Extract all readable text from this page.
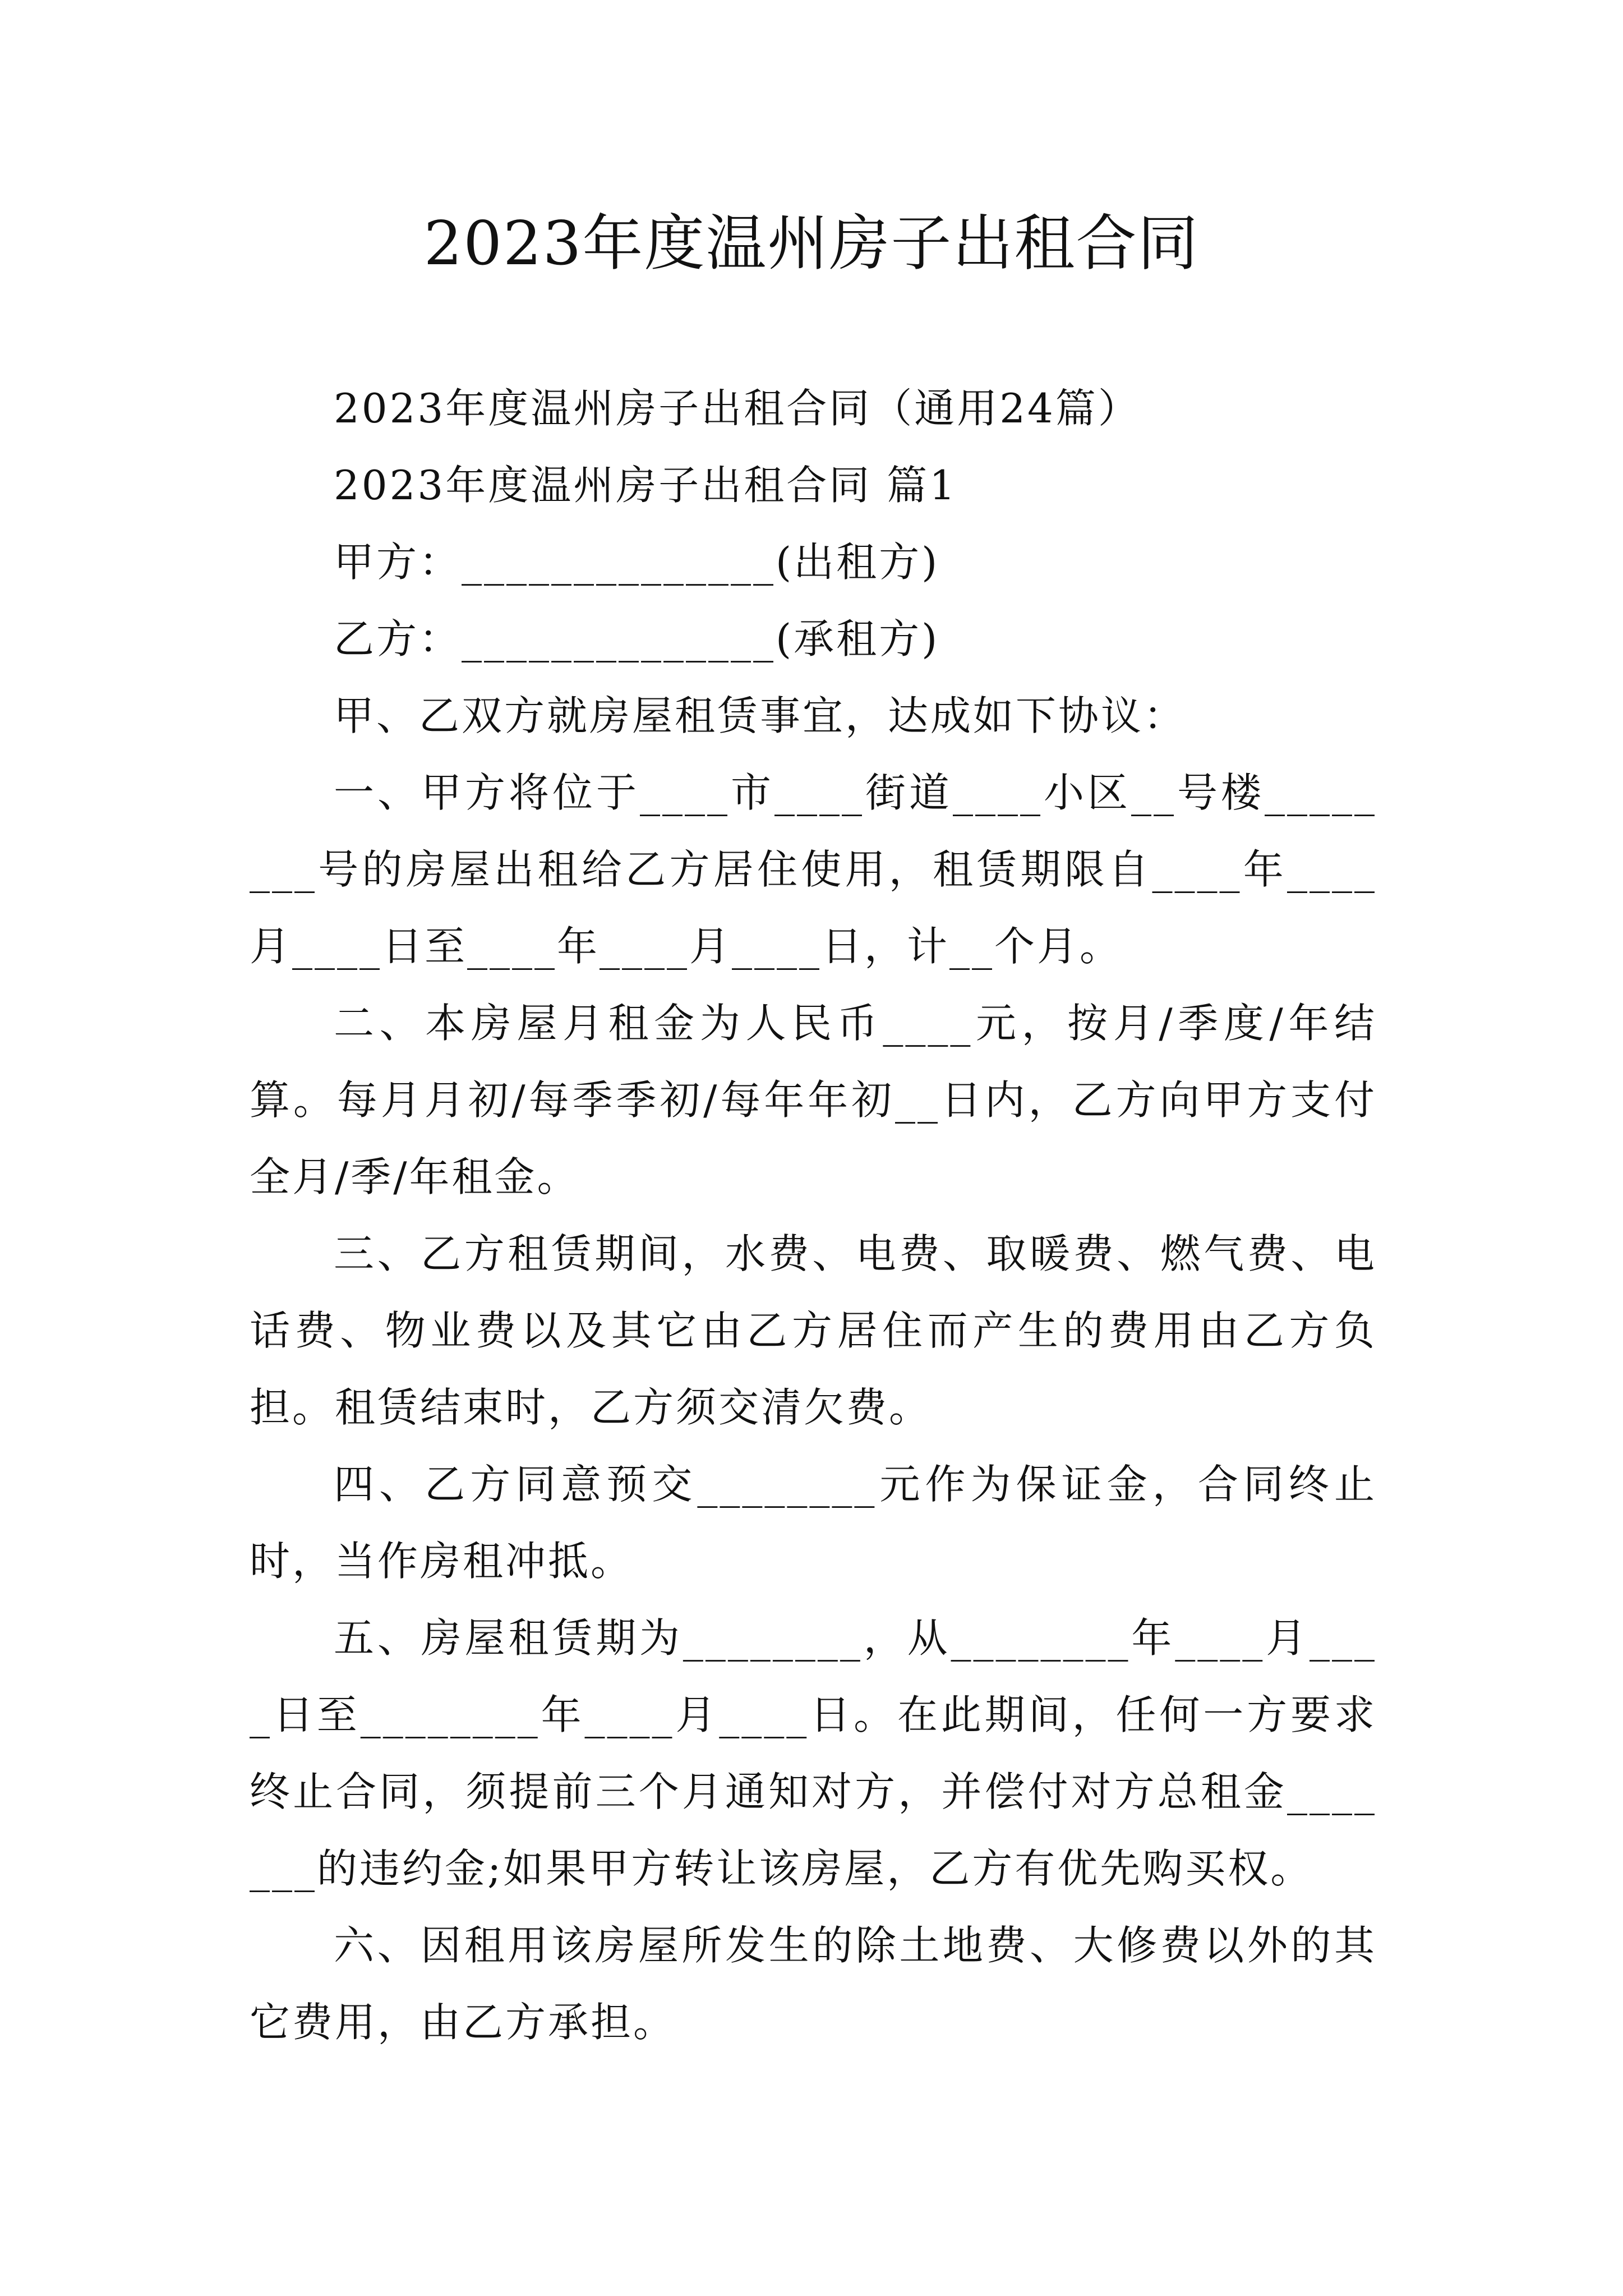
2023年度温州房子出租合同

2023年度温州房子出租合同（通用24篇）

2023年度温州房子出租合同 篇1

甲方：______________(出租方)

乙方：______________(承租方)

甲、乙双方就房屋租赁事宜，达成如下协议：

一、甲方将位于____市____街道____小区__号楼________号的房屋出租给乙方居住使用，租赁期限自____年____月____日至____年____月____日，计__个月。

二、本房屋月租金为人民币____元，按月/季度/年结算。每月月初/每季季初/每年年初__日内，乙方向甲方支付全月/季/年租金。

三、乙方租赁期间，水费、电费、取暖费、燃气费、电话费、物业费以及其它由乙方居住而产生的费用由乙方负担。租赁结束时，乙方须交清欠费。

四、乙方同意预交________元作为保证金，合同终止时，当作房租冲抵。

五、房屋租赁期为________，从________年____月____日至________年____月____日。在此期间，任何一方要求终止合同，须提前三个月通知对方，并偿付对方总租金_______的违约金;如果甲方转让该房屋，乙方有优先购买权。

六、因租用该房屋所发生的除土地费、大修费以外的其它费用，由乙方承担。
